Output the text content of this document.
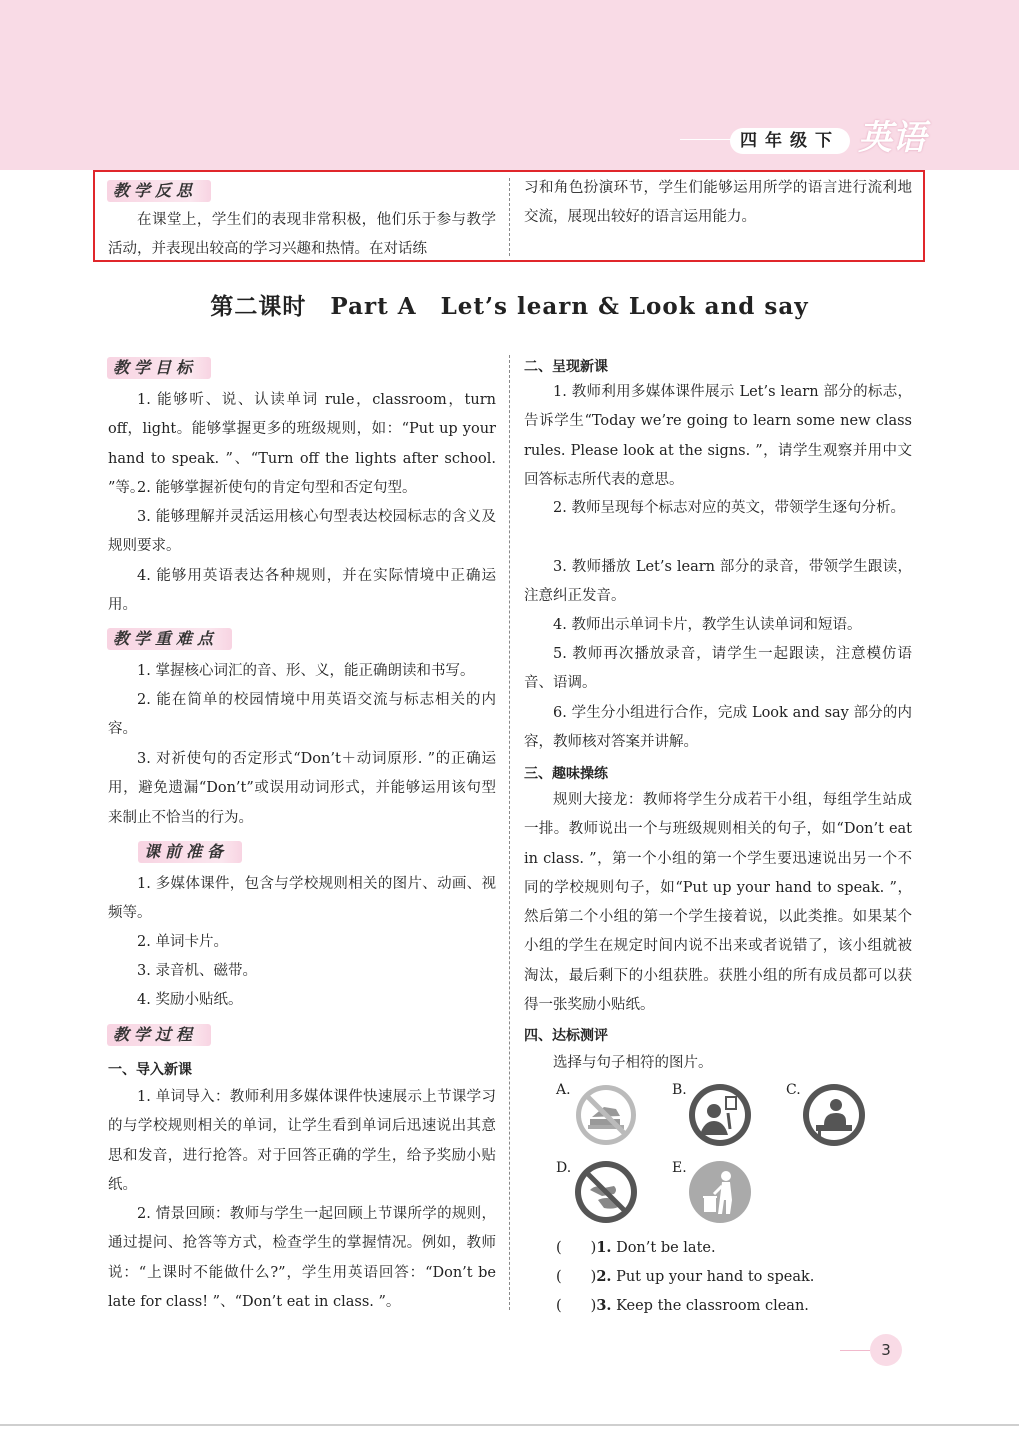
四年级下 英语
教学反思

在课堂上，学生们的表现非常积极，他们乐于参与教学活动，并表现出较高的学习兴趣和热情。在对话练

习和角色扮演环节，学生们能够运用所学的语言进行流利地交流，展现出较好的语言运用能力。

第二课时　Part A　Let’s learn & Look and say
教学目标

1. 能够听、说、认读单词 rule，classroom，turn off，light。能够掌握更多的班级规则，如：“Put up your hand to speak. ”、“Turn off the lights after school. ”等。

2. 能够掌握祈使句的肯定句型和否定句型。

3. 能够理解并灵活运用核心句型表达校园标志的含义及规则要求。

4. 能够用英语表达各种规则，并在实际情境中正确运用。

教学重难点

1. 掌握核心词汇的音、形、义，能正确朗读和书写。

2. 能在简单的校园情境中用英语交流与标志相关的内容。

3. 对祈使句的否定形式“Don’t＋动词原形. ”的正确运用，避免遗漏“Don’t”或误用动词形式，并能够运用该句型来制止不恰当的行为。

课前准备

1. 多媒体课件，包含与学校规则相关的图片、动画、视频等。

2. 单词卡片。

3. 录音机、磁带。

4. 奖励小贴纸。

教学过程
一、导入新课

1. 单词导入：教师利用多媒体课件快速展示上节课学习的与学校规则相关的单词，让学生看到单词后迅速说出其意思和发音，进行抢答。对于回答正确的学生，给予奖励小贴纸。

2. 情景回顾：教师与学生一起回顾上节课所学的规则，通过提问、抢答等方式，检查学生的掌握情况。例如，教师说：“上课时不能做什么?”，学生用英语回答：“Don’t be late for class! ”、“Don’t eat in class. ”。

二、呈现新课

1. 教师利用多媒体课件展示 Let’s learn 部分的标志，告诉学生“Today we’re going to learn some new class rules. Please look at the signs. ”，请学生观察并用中文回答标志所代表的意思。

2. 教师呈现每个标志对应的英文，带领学生逐句分析。

3. 教师播放 Let’s learn 部分的录音，带领学生跟读，注意纠正发音。

4. 教师出示单词卡片，教学生认读单词和短语。

5. 教师再次播放录音，请学生一起跟读，注意模仿语音、语调。

6. 学生分小组进行合作，完成 Look and say 部分的内容，教师核对答案并讲解。

三、趣味操练

规则大接龙：教师将学生分成若干小组，每组学生站成一排。教师说出一个与班级规则相关的句子，如“Don’t eat in class. ”，第一个小组的第一个学生要迅速说出另一个不同的学校规则句子，如“Put up your hand to speak. ”，然后第二个小组的第一个学生接着说，以此类推。如果某个小组的学生在规定时间内说不出来或者说错了，该小组就被淘汰，最后剩下的小组获胜。获胜小组的所有成员都可以获得一张奖励小贴纸。

四、达标测评

选择与句子相符的图片。

A.	B.	C.
D.	E.
(　　)1. Don’t be late.
(　　)2. Put up your hand to speak.
(　　)3. Keep the classroom clean.
3
